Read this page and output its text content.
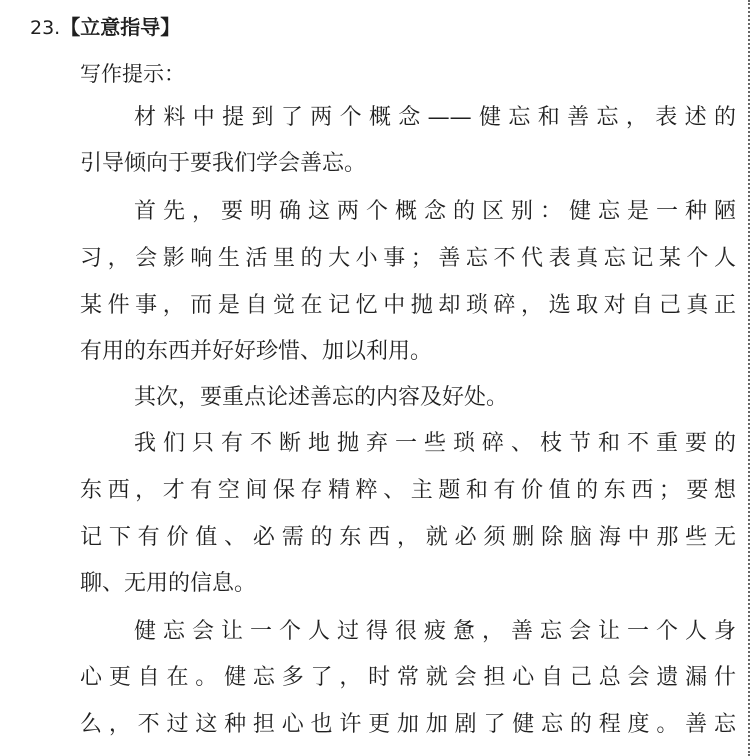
23.【立意指导】
写作提示：
材料中提到了两个概念——健忘和善忘，表述的
引导倾向于要我们学会善忘。
首先，要明确这两个概念的区别：健忘是一种陋
习，会影响生活里的大小事；善忘不代表真忘记某个人
某件事，而是自觉在记忆中抛却琐碎，选取对自己真正
有用的东西并好好珍惜、加以利用。
其次，要重点论述善忘的内容及好处。
我们只有不断地抛弃一些琐碎、枝节和不重要的
东西，才有空间保存精粹、主题和有价值的东西；要想
记下有价值、必需的东西，就必须删除脑海中那些无
聊、无用的信息。
健忘会让一个人过得很疲惫，善忘会让一个人身
心更自在。健忘多了，时常就会担心自己总会遗漏什
么，不过这种担心也许更加加剧了健忘的程度。善忘
